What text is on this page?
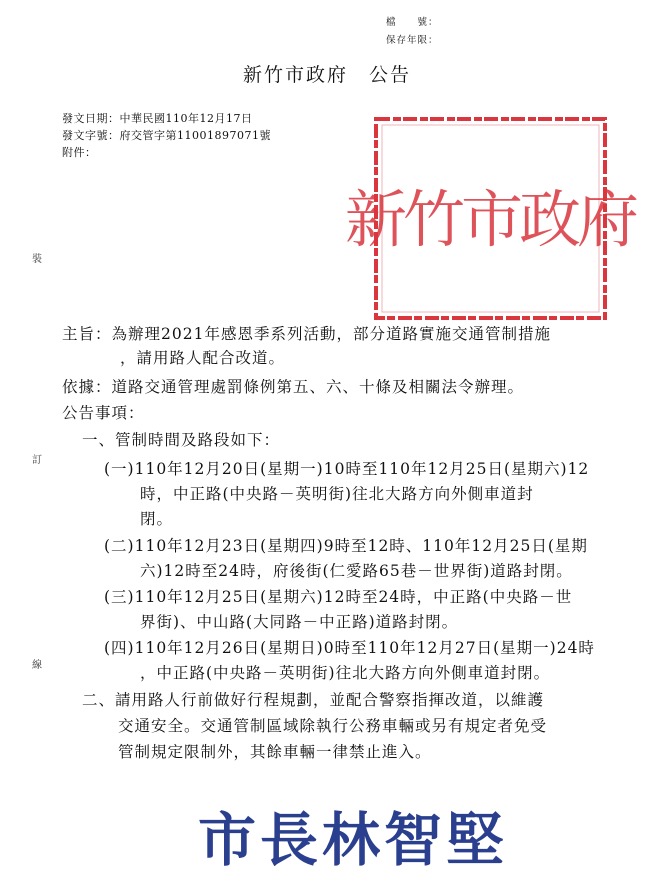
檔　　號：
保存年限：
新竹市政府　公告
發文日期：中華民國110年12月17日
發文字號：府交管字第11001897071號
附件：
新竹市政府
裝
訂
線
主旨：為辦理2021年感恩季系列活動，部分道路實施交通管制措施
，請用路人配合改道。
依據：道路交通管理處罰條例第五、六、十條及相關法令辦理。
公告事項：
一、管制時間及路段如下：
(一)110年12月20日(星期一)10時至110年12月25日(星期六)12
時，中正路(中央路－英明街)往北大路方向外側車道封
閉。
(二)110年12月23日(星期四)9時至12時、110年12月25日(星期
六)12時至24時，府後街(仁愛路65巷－世界街)道路封閉。
(三)110年12月25日(星期六)12時至24時，中正路(中央路－世
界街)、中山路(大同路－中正路)道路封閉。
(四)110年12月26日(星期日)0時至110年12月27日(星期一)24時
，中正路(中央路－英明街)往北大路方向外側車道封閉。
二、請用路人行前做好行程規劃，並配合警察指揮改道，以維護
交通安全。交通管制區域除執行公務車輛或另有規定者免受
管制規定限制外，其餘車輛一律禁止進入。
市長林智堅
